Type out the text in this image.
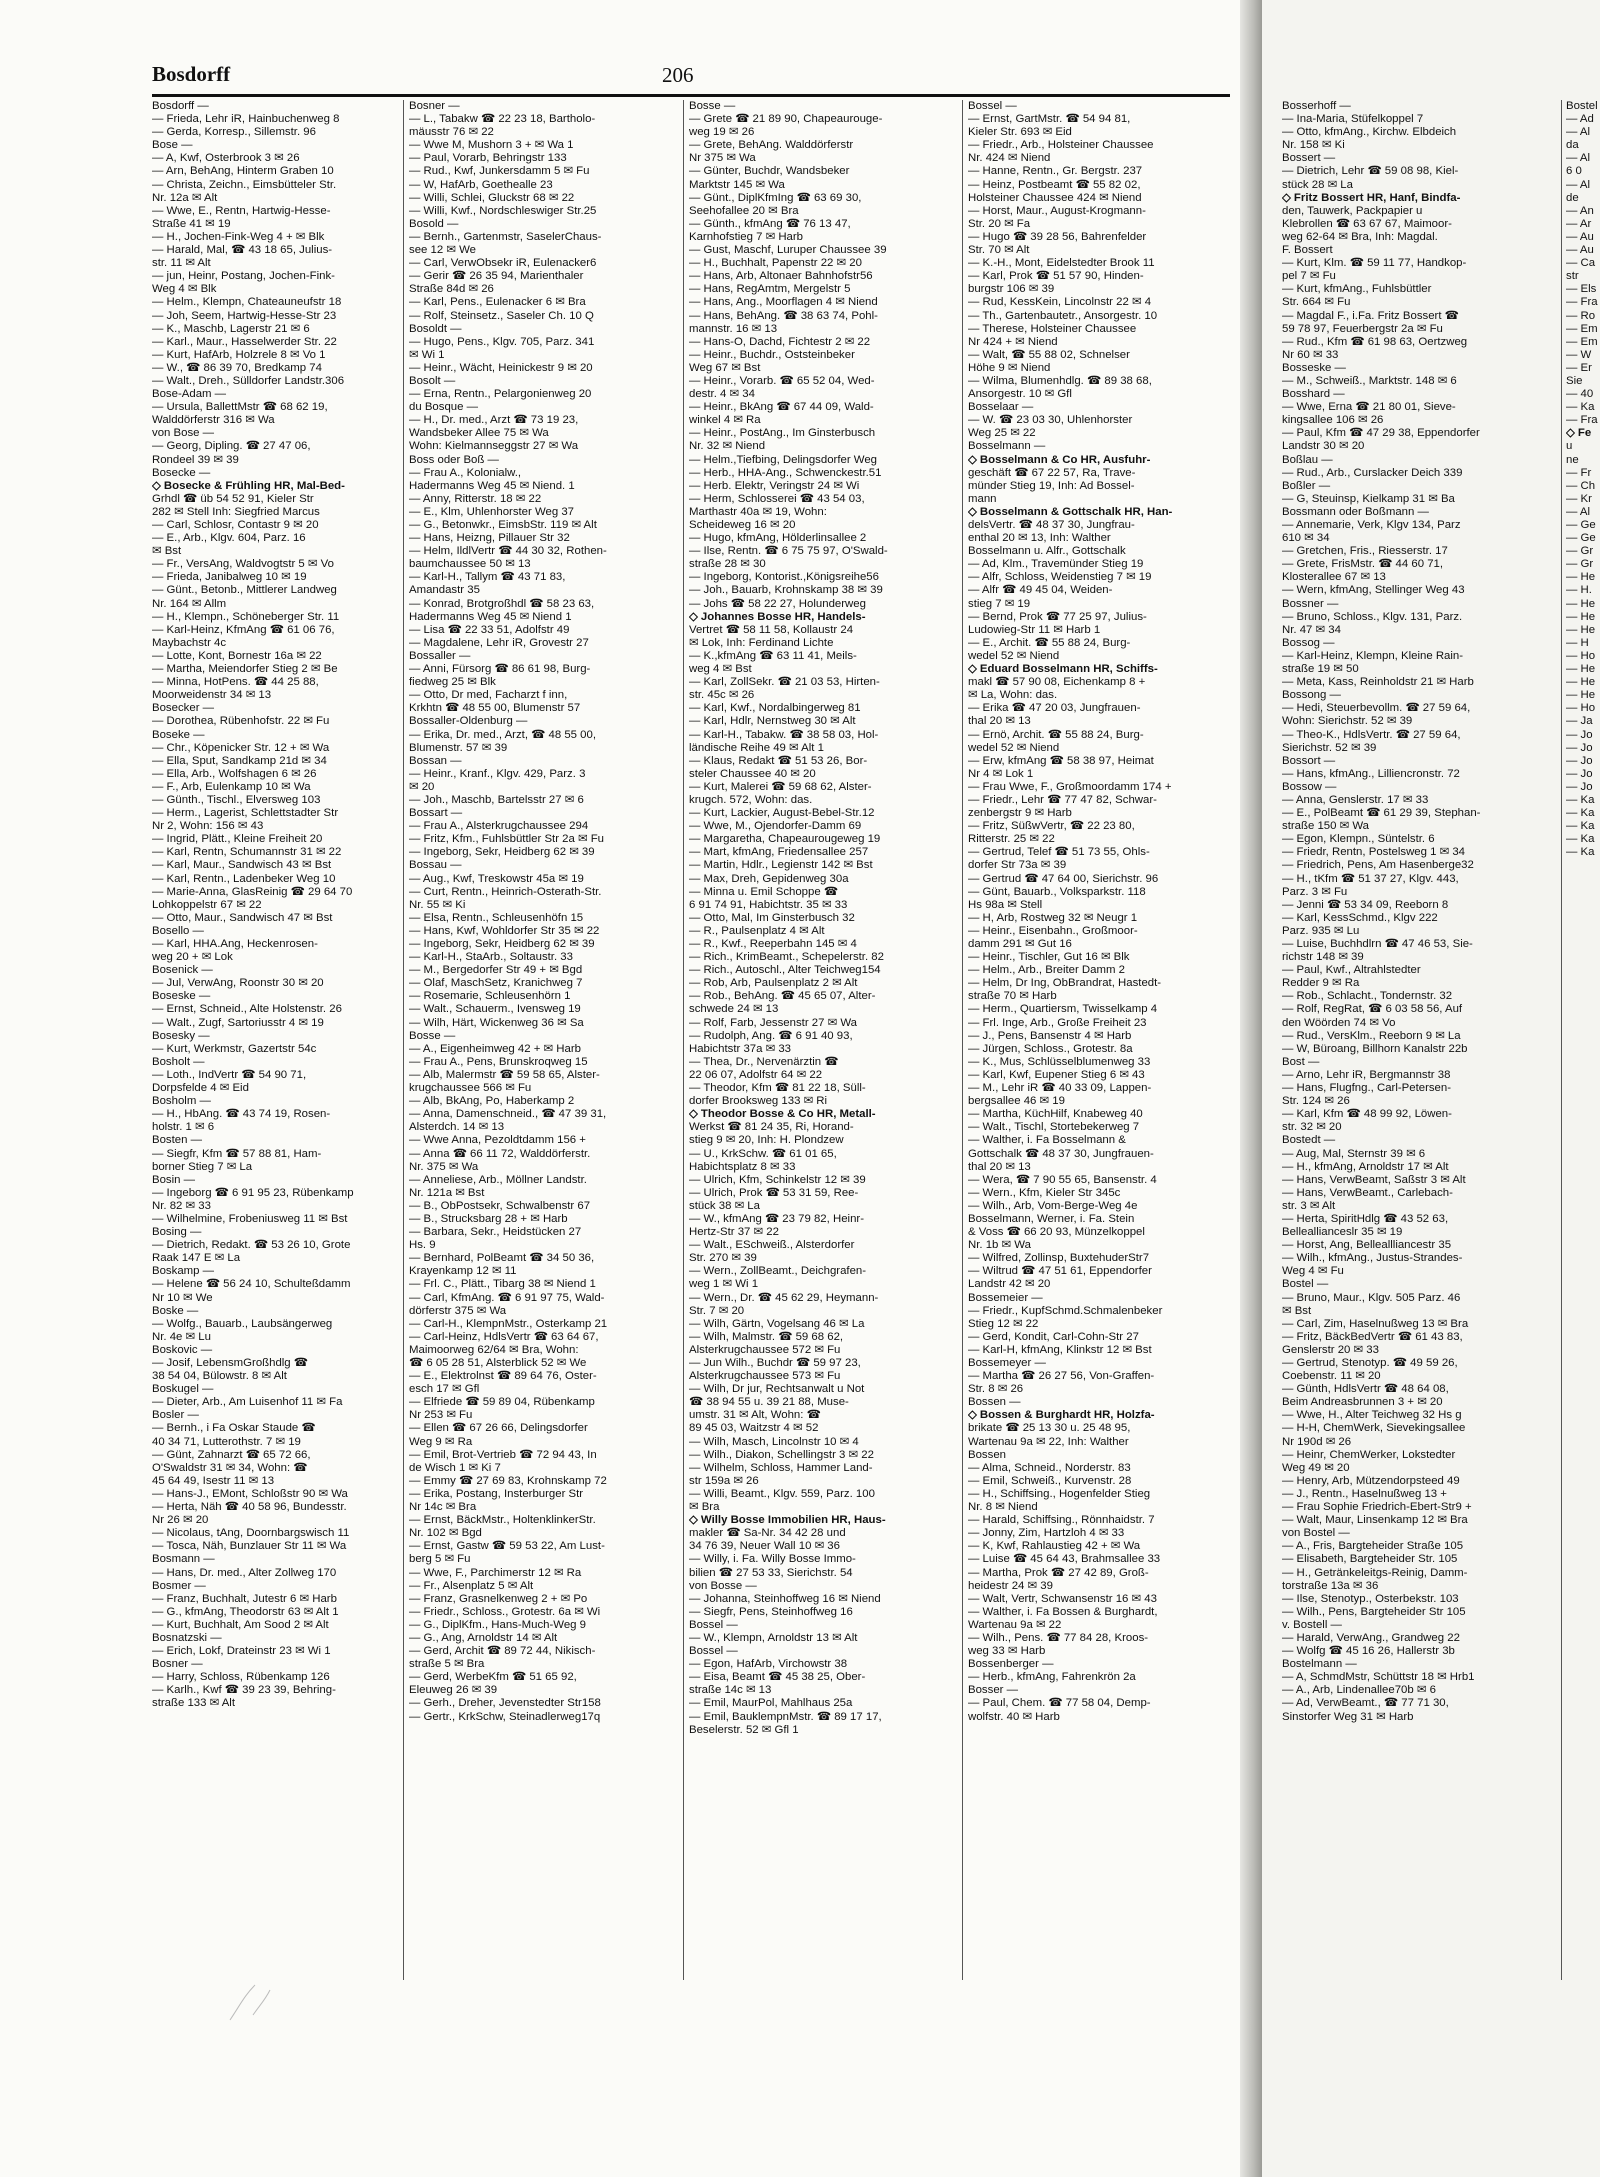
Bosdorff	206
Bosdorff —
— Frieda, Lehr iR, Hainbuchenweg 8
— Gerda, Korresp., Sillemstr. 96
Bose —
— A, Kwf, Osterbrook 3 ✉ 26
— Arn, BehAng, Hinterm Graben 10
— Christa, Zeichn., Eimsbütteler Str.
Nr. 12a ✉ Alt
— Wwe, E., Rentn, Hartwig-Hesse-
Straße 41 ✉ 19
— H., Jochen-Fink-Weg 4 + ✉ Blk
— Harald, Mal, ☎ 43 18 65, Julius-
str. 11 ✉ Alt
— jun, Heinr, Postang, Jochen-Fink-
Weg 4 ✉ Blk
— Helm., Klempn, Chateauneufstr 18
— Joh, Seem, Hartwig-Hesse-Str 23
— K., Maschb, Lagerstr 21 ✉ 6
— Karl., Maur., Hasselwerder Str. 22
— Kurt, HafArb, Holzrele 8 ✉ Vo 1
— W., ☎ 86 39 70, Bredkamp 74
— Walt., Dreh., Sülldorfer Landstr.306
Bose-Adam —
— Ursula, BallettMstr ☎ 68 62 19,
Walddörferstr 316 ✉ Wa
von Bose —
— Georg, Dipling. ☎ 27 47 06,
Rondeel 39 ✉ 39
Bosecke —
◇ Bosecke & Frühling HR, Mal-Bed-
Grhdl ☎ üb 54 52 91, Kieler Str
282 ✉ Stell Inh: Siegfried Marcus
— Carl, Schlosr, Contastr 9 ✉ 20
— E., Arb., Klgv. 604, Parz. 16
✉ Bst
— Fr., VersAng, Waldvogtstr 5 ✉ Vo
— Frieda, Janibalweg 10 ✉ 19
— Günt., Betonb., Mittlerer Landweg
Nr. 164 ✉ Allm
— H., Klempn., Schöneberger Str. 11
— Karl-Heinz, KfmAng ☎ 61 06 76,
Maybachstr 4c
— Lotte, Kont, Bornestr 16a ✉ 22
— Martha, Meiendorfer Stieg 2 ✉ Be
— Minna, HotPens. ☎ 44 25 88,
Moorweidenstr 34 ✉ 13
Bosecker —
— Dorothea, Rübenhofstr. 22 ✉ Fu
Boseke —
— Chr., Köpenicker Str. 12 + ✉ Wa
— Ella, Sput, Sandkamp 21d ✉ 34
— Ella, Arb., Wolfshagen 6 ✉ 26
— F., Arb, Eulenkamp 10 ✉ Wa
— Günth., Tischl., Elversweg 103
— Herm., Lagerist, Schlettstadter Str
Nr 2, Wohn: 156 ✉ 43
— Ingrid, Plätt., Kleine Freiheit 20
— Karl, Rentn, Schumannstr 31 ✉ 22
— Karl, Maur., Sandwisch 43 ✉ Bst
— Karl, Rentn., Ladenbeker Weg 10
— Marie-Anna, GlasReinig ☎ 29 64 70
Lohkoppelstr 67 ✉ 22
— Otto, Maur., Sandwisch 47 ✉ Bst
Bosello —
— Karl, HHA.Ang, Heckenrosen-
weg 20 + ✉ Lok
Bosenick —
— Jul, VerwAng, Roonstr 30 ✉ 20
Boseske —
— Ernst, Schneid., Alte Holstenstr. 26
— Walt., Zugf, Sartoriusstr 4 ✉ 19
Bosesky —
— Kurt, Werkmstr, Gazertstr 54c
Bosholt —
— Loth., IndVertr ☎ 54 90 71,
Dorpsfelde 4 ✉ Eid
Bosholm —
— H., HbAng. ☎ 43 74 19, Rosen-
holstr. 1 ✉ 6
Bosten —
— Siegfr, Kfm ☎ 57 88 81, Ham-
borner Stieg 7 ✉ La
Bosin —
— Ingeborg ☎ 6 91 95 23, Rübenkamp
Nr. 82 ✉ 33
— Wilhelmine, Frobeniusweg 11 ✉ Bst
Bosing —
— Dietrich, Redakt. ☎ 53 26 10, Grote
Raak 147 E ✉ La
Boskamp —
— Helene ☎ 56 24 10, Schulteßdamm
Nr 10 ✉ We
Boske —
— Wolfg., Bauarb., Laubsängerweg
Nr. 4e ✉ Lu
Boskovic —
— Josif, LebensmGroßhdlg ☎
38 54 04, Bülowstr. 8 ✉ Alt
Boskugel —
— Dieter, Arb., Am Luisenhof 11 ✉ Fa
Bosler —
— Bernh., i Fa Oskar Staude ☎
40 34 71, Lutterothstr. 7 ✉ 19
— Günt, Zahnarzt ☎ 65 72 66,
O'Swaldstr 31 ✉ 34, Wohn: ☎
45 64 49, Isestr 11 ✉ 13
— Hans-J., EMont, Schloßstr 90 ✉ Wa
— Herta, Näh ☎ 40 58 96, Bundesstr.
Nr 26 ✉ 20
— Nicolaus, tAng, Doornbargswisch 11
— Tosca, Näh, Bunzlauer Str 11 ✉ Wa
Bosmann —
— Hans, Dr. med., Alter Zollweg 170
Bosmer —
— Franz, Buchhalt, Jutestr 6 ✉ Harb
— G., kfmAng, Theodorstr 63 ✉ Alt 1
— Kurt, Buchhalt, Am Sood 2 ✉ Alt
Bosnatzski —
— Erich, Lokf, Drateinstr 23 ✉ Wi 1
Bosner —
— Harry, Schloss, Rübenkamp 126
— Karlh., Kwf ☎ 39 23 39, Behring-
straße 133 ✉ Alt
Bosner —
— L., Tabakw ☎ 22 23 18, Bartholo-
mäusstr 76 ✉ 22
— Wwe M, Mushorn 3 + ✉ Wa 1
— Paul, Vorarb, Behringstr 133
— Rud., Kwf, Junkersdamm 5 ✉ Fu
— W, HafArb, Goethealle 23
— Willi, Schlei, Gluckstr 68 ✉ 22
— Willi, Kwf., Nordschleswiger Str.25
Bosold —
— Bernh., Gartenmstr, SaselerChaus-
see 12 ✉ We
— Carl, VerwObsekr iR, Eulenacker6
— Gerir ☎ 26 35 94, Marienthaler
Straße 84d ✉ 26
— Karl, Pens., Eulenacker 6 ✉ Bra
— Rolf, Steinsetz., Saseler Ch. 10 Q
Bosoldt —
— Hugo, Pens., Klgv. 705, Parz. 341
✉ Wi 1
— Heinr., Wächt, Heinickestr 9 ✉ 20
Bosolt —
— Erna, Rentn., Pelargonienweg 20
du Bosque —
— H., Dr. med., Arzt ☎ 73 19 23,
Wandsbeker Allee 75 ✉ Wa
Wohn: Kielmannseggstr 27 ✉ Wa
Boss oder Boß —
— Frau A., Kolonialw.,
Hadermanns Weg 45 ✉ Niend. 1
— Anny, Ritterstr. 18 ✉ 22
— E., Klm, Uhlenhorster Weg 37
— G., Betonwkr., EimsbStr. 119 ✉ Alt
— Hans, Heizng, Pillauer Str 32
— Helm, IldlVertr ☎ 44 30 32, Rothen-
baumchaussee 50 ✉ 13
— Karl-H., Tallym ☎ 43 71 83,
Amandastr 35
— Konrad, Brotgroßhdl ☎ 58 23 63,
Hadermanns Weg 45 ✉ Niend 1
— Lisa ☎ 22 33 51, Adolfstr 49
— Magdalene, Lehr iR, Grovestr 27
Bossaller —
— Anni, Fürsorg ☎ 86 61 98, Burg-
fiedweg 25 ✉ Blk
— Otto, Dr med, Facharzt f inn,
Krkhtn ☎ 48 55 00, Blumenstr 57
Bossaller-Oldenburg —
— Erika, Dr. med., Arzt, ☎ 48 55 00,
Blumenstr. 57 ✉ 39
Bossan —
— Heinr., Kranf., Klgv. 429, Parz. 3
✉ 20
— Joh., Maschb, Bartelsstr 27 ✉ 6
Bossart —
— Frau A., Alsterkrugchaussee 294
— Fritz, Kfm., Fuhlsbüttler Str 2a ✉ Fu
— Ingeborg, Sekr, Heidberg 62 ✉ 39
Bossau —
— Aug., Kwf, Treskowstr 45a ✉ 19
— Curt, Rentn., Heinrich-Osterath-Str.
Nr. 55 ✉ Ki
— Elsa, Rentn., Schleusenhöfn 15
— Hans, Kwf, Wohldorfer Str 35 ✉ 22
— Ingeborg, Sekr, Heidberg 62 ✉ 39
— Karl-H., StaArb., Soltaustr. 33
— M., Bergedorfer Str 49 + ✉ Bgd
— Olaf, MaschSetz, Kranichweg 7
— Rosemarie, Schleusenhörn 1
— Walt., Schauerm., Ivensweg 19
— Wilh, Härt, Wickenweg 36 ✉ Sa
Bosse —
— A., Eigenheimweg 42 + ✉ Harb
— Frau A., Pens, Brunskroqweg 15
— Alb, Malermstr ☎ 59 58 65, Alster-
krugchaussee 566 ✉ Fu
— Alb, BkAng, Po, Haberkamp 2
— Anna, Damenschneid., ☎ 47 39 31,
Alsterdch. 14 ✉ 13
— Wwe Anna, Pezoldtdamm 156 +
— Anna ☎ 66 11 72, Walddörferstr.
Nr. 375 ✉ Wa
— Anneliese, Arb., Möllner Landstr.
Nr. 121a ✉ Bst
— B., ObPostsekr, Schwalbenstr 67
— B., Strucksbarg 28 + ✉ Harb
— Barbara, Sekr., Heidstücken 27
Hs. 9
— Bernhard, PolBeamt ☎ 34 50 36,
Krayenkamp 12 ✉ 11
— Frl. C., Plätt., Tibarg 38 ✉ Niend 1
— Carl, KfmAng. ☎ 6 91 97 75, Wald-
dörferstr 375 ✉ Wa
— Carl-H., KlempnMstr., Osterkamp 21
— Carl-Heinz, HdlsVertr ☎ 63 64 67,
Maimoorweg 62/64 ✉ Bra, Wohn:
☎ 6 05 28 51, Alsterblick 52 ✉ We
— E., Elektrolnst ☎ 89 64 76, Oster-
esch 17 ✉ Gfl
— Elfriede ☎ 59 89 04, Rübenkamp
Nr 253 ✉ Fu
— Ellen ☎ 67 26 66, Delingsdorfer
Weg 9 ✉ Ra
— Emil, Brot-Vertrieb ☎ 72 94 43, In
de Wisch 1 ✉ Ki 7
— Emmy ☎ 27 69 83, Krohnskamp 72
— Erika, Postang, Insterburger Str
Nr 14c ✉ Bra
— Ernst, BäckMstr., HoltenklinkerStr.
Nr. 102 ✉ Bgd
— Ernst, Gastw ☎ 59 53 22, Am Lust-
berg 5 ✉ Fu
— Wwe, F., Parchimerstr 12 ✉ Ra
— Fr., Alsenplatz 5 ✉ Alt
— Franz, Grasnelkenweg 2 + ✉ Po
— Friedr., Schloss., Grotestr. 6a ✉ Wi
— G., DiplKfm., Hans-Much-Weg 9
— G., Ang, Arnoldstr 14 ✉ Alt
— Gerd, Archit ☎ 89 72 44, Nikisch-
straße 5 ✉ Bra
— Gerd, WerbeKfm ☎ 51 65 92,
Eleuweg 26 ✉ 39
— Gerh., Dreher, Jevenstedter Str158
— Gertr., KrkSchw, Steinadlerweg17q
Bosse —
— Grete ☎ 21 89 90, Chapeaurouge-
weg 19 ✉ 26
— Grete, BehAng. Walddörferstr
Nr 375 ✉ Wa
— Günter, Buchdr, Wandsbeker
Marktstr 145 ✉ Wa
— Günt., DiplKfmIng ☎ 63 69 30,
Seehofallee 20 ✉ Bra
— Günth., kfmAng ☎ 76 13 47,
Karnhofstieg 7 ✉ Harb
— Gust, Maschf, Luruper Chaussee 39
— H., Buchhalt, Papenstr 22 ✉ 20
— Hans, Arb, Altonaer Bahnhofstr56
— Hans, RegAmtm, Mergelstr 5
— Hans, Ang., Moorflagen 4 ✉ Niend
— Hans, BehAng. ☎ 38 63 74, Pohl-
mannstr. 16 ✉ 13
— Hans-O, Dachd, Fichtestr 2 ✉ 22
— Heinr., Buchdr., Oststeinbeker
Weg 67 ✉ Bst
— Heinr., Vorarb. ☎ 65 52 04, Wed-
destr. 4 ✉ 34
— Heinr., BkAng ☎ 67 44 09, Wald-
winkel 4 ✉ Ra
— Heinr., PostAng., Im Ginsterbusch
Nr. 32 ✉ Niend
— Helm.,Tiefbing, Delingsdorfer Weg
— Herb., HHA-Ang., Schwenckestr.51
— Herb. Elektr, Veringstr 24 ✉ Wi
— Herm, Schlosserei ☎ 43 54 03,
Marthastr 40a ✉ 19, Wohn:
Scheideweg 16 ✉ 20
— Hugo, kfmAng, Hölderlinsallee 2
— Ilse, Rentn. ☎ 6 75 75 97, O'Swald-
straße 28 ✉ 30
— Ingeborg, Kontorist.,Königsreihe56
— Joh., Bauarb, Krohnskamp 38 ✉ 39
— Johs ☎ 58 22 27, Holunderweg
◇ Johannes Bosse HR, Handels-
Vertret ☎ 58 11 58, Kollaustr 24
✉ Lok, Inh: Ferdinand Lichte
— K.,kfmAng ☎ 63 11 41, Meils-
weg 4 ✉ Bst
— Karl, ZollSekr. ☎ 21 03 53, Hirten-
str. 45c ✉ 26
— Karl, Kwf., Nordalbingerweg 81
— Karl, Hdlr, Nernstweg 30 ✉ Alt
— Karl-H., Tabakw. ☎ 38 58 03, Hol-
ländische Reihe 49 ✉ Alt 1
— Klaus, Redakt ☎ 51 53 26, Bor-
steler Chaussee 40 ✉ 20
— Kurt, Malerei ☎ 59 68 62, Alster-
krugch. 572, Wohn: das.
— Kurt, Lackier, August-Bebel-Str.12
— Wwe, M., Ojendorfer-Damm 69
— Margaretha, Chapeaurougeweg 19
— Mart, kfmAng, Friedensallee 257
— Martin, Hdlr., Legienstr 142 ✉ Bst
— Max, Dreh, Gepidenweg 30a
— Minna u. Emil Schoppe ☎
6 91 74 91, Habichtstr. 35 ✉ 33
— Otto, Mal, Im Ginsterbusch 32
— R., Paulsenplatz 4 ✉ Alt
— R., Kwf., Reeperbahn 145 ✉ 4
— Rich., KrimBeamt., Schepelerstr. 82
— Rich., Autoschl., Alter Teichweg154
— Rob, Arb, Paulsenplatz 2 ✉ Alt
— Rob., BehAng. ☎ 45 65 07, Alter-
schwede 24 ✉ 13
— Rolf, Farb, Jessenstr 27 ✉ Wa
— Rudolph, Ang. ☎ 6 91 40 93,
Habichtstr 37a ✉ 33
— Thea, Dr., Nervenärztin ☎
22 06 07, Adolfstr 64 ✉ 22
— Theodor, Kfm ☎ 81 22 18, Süll-
dorfer Brooksweg 133 ✉ Ri
◇ Theodor Bosse & Co HR, Metall-
Werkst ☎ 81 24 35, Ri, Horand-
stieg 9 ✉ 20, Inh: H. Plondzew
— U., KrkSchw. ☎ 61 01 65,
Habichtsplatz 8 ✉ 33
— Ulrich, Kfm, Schinkelstr 12 ✉ 39
— Ulrich, Prok ☎ 53 31 59, Ree-
stück 38 ✉ La
— W., kfmAng ☎ 23 79 82, Heinr-
Hertz-Str 37 ✉ 22
— Walt., ESchweiß., Alsterdorfer
Str. 270 ✉ 39
— Wern., ZollBeamt., Deichgrafen-
weg 1 ✉ Wi 1
— Wern., Dr. ☎ 45 62 29, Heymann-
Str. 7 ✉ 20
— Wilh, Gärtn, Vogelsang 46 ✉ La
— Wilh, Malmstr. ☎ 59 68 62,
Alsterkrugchaussee 572 ✉ Fu
— Jun Wilh., Buchdr ☎ 59 97 23,
Alsterkrugchaussee 573 ✉ Fu
— Wilh, Dr jur, Rechtsanwalt u Not
☎ 38 94 55 u. 39 21 88, Muse-
umstr. 31 ✉ Alt, Wohn: ☎
89 45 03, Waitzstr 4 ✉ 52
— Wilh, Masch, Lincolnstr 10 ✉ 4
— Wilh., Diakon, Schellingstr 3 ✉ 22
— Wilhelm, Schloss, Hammer Land-
str 159a ✉ 26
— Willi, Beamt., Klgv. 559, Parz. 100
✉ Bra
◇ Willy Bosse Immobilien HR, Haus-
makler ☎ Sa-Nr. 34 42 28 und
34 76 39, Neuer Wall 10 ✉ 36
— Willy, i. Fa. Willy Bosse Immo-
bilien ☎ 27 53 33, Sierichstr. 54
von Bosse —
— Johanna, Steinhoffweg 16 ✉ Niend
— Siegfr, Pens, Steinhoffweg 16
Bossel —
— W., Klempn, Arnoldstr 13 ✉ Alt
Bossel —
— Egon, HafArb, Virchowstr 38
— Eisa, Beamt ☎ 45 38 25, Ober-
straße 14c ✉ 13
— Emil, MaurPol, Mahlhaus 25a
— Emil, BauklempnMstr. ☎ 89 17 17,
Beselerstr. 52 ✉ Gfl 1
Bossel —
— Ernst, GartMstr. ☎ 54 94 81,
Kieler Str. 693 ✉ Eid
— Friedr., Arb., Holsteiner Chaussee
Nr. 424 ✉ Niend
— Hanne, Rentn., Gr. Bergstr. 237
— Heinz, Postbeamt ☎ 55 82 02,
Holsteiner Chaussee 424 ✉ Niend
— Horst, Maur., August-Krogmann-
Str. 20 ✉ Fa
— Hugo ☎ 39 28 56, Bahrenfelder
Str. 70 ✉ Alt
— K.-H., Mont, Eidelstedter Brook 11
— Karl, Prok ☎ 51 57 90, Hinden-
burgstr 106 ✉ 39
— Rud, KessKein, Lincolnstr 22 ✉ 4
— Th., Gartenbautetr., Ansorgestr. 10
— Therese, Holsteiner Chaussee
Nr 424 + ✉ Niend
— Walt, ☎ 55 88 02, Schnelser
Höhe 9 ✉ Niend
— Wilma, Blumenhdlg. ☎ 89 38 68,
Ansorgestr. 10 ✉ Gfl
Bosselaar —
— W. ☎ 23 03 30, Uhlenhorster
Weg 25 ✉ 22
Bosselmann —
◇ Bosselmann & Co HR, Ausfuhr-
geschäft ☎ 67 22 57, Ra, Trave-
münder Stieg 19, Inh: Ad Bossel-
mann
◇ Bosselmann & Gottschalk HR, Han-
delsVertr. ☎ 48 37 30, Jungfrau-
enthal 20 ✉ 13, Inh: Walther
Bosselmann u. Alfr., Gottschalk
— Ad, Klm., Travemünder Stieg 19
— Alfr, Schloss, Weidenstieg 7 ✉ 19
— Alfr ☎ 49 45 04, Weiden-
stieg 7 ✉ 19
— Bernd, Prok ☎ 77 25 97, Julius-
Ludowieg-Str 11 ✉ Harb 1
— E., Archit. ☎ 55 88 24, Burg-
wedel 52 ✉ Niend
◇ Eduard Bosselmann HR, Schiffs-
makl ☎ 57 90 08, Eichenkamp 8 +
✉ La, Wohn: das.
— Erika ☎ 47 20 03, Jungfrauen-
thal 20 ✉ 13
— Ernö, Archit. ☎ 55 88 24, Burg-
wedel 52 ✉ Niend
— Erw, kfmAng ☎ 58 38 97, Heimat
Nr 4 ✉ Lok 1
— Frau Wwe, F., Großmoordamm 174 +
— Friedr., Lehr ☎ 77 47 82, Schwar-
zenbergstr 9 ✉ Harb
— Fritz, SüßwVertr, ☎ 22 23 80,
Ritterstr. 25 ✉ 22
— Gertrud, Telef ☎ 51 73 55, Ohls-
dorfer Str 73a ✉ 39
— Gertrud ☎ 47 64 00, Sierichstr. 96
— Günt, Bauarb., Volksparkstr. 118
Hs 98a ✉ Stell
— H, Arb, Rostweg 32 ✉ Neugr 1
— Heinr., Eisenbahn., Großmoor-
damm 291 ✉ Gut 16
— Heinr., Tischler, Gut 16 ✉ Blk
— Helm., Arb., Breiter Damm 2
— Helm, Dr Ing, ObBrandrat, Hastedt-
straße 70 ✉ Harb
— Herm., Quartiersm, Twisselkamp 4
— Frl. Inge, Arb., Große Freiheit 23
— J., Pens, Bansenstr 4 ✉ Harb
— Jürgen, Schloss., Grotestr. 8a
— K., Mus, Schlüsselblumenweg 33
— Karl, Kwf, Eupener Stieg 6 ✉ 43
— M., Lehr iR ☎ 40 33 09, Lappen-
bergsallee 46 ✉ 19
— Martha, KüchHilf, Knabeweg 40
— Walt., Tischl, Stortebekerweg 7
— Walther, i. Fa Bosselmann &
Gottschalk ☎ 48 37 30, Jungfrauen-
thal 20 ✉ 13
— Wera, ☎ 7 90 55 65, Bansenstr. 4
— Wern., Kfm, Kieler Str 345c
— Wilh., Arb, Vom-Berge-Weg 4e
Bosselmann, Werner, i. Fa. Stein
& Voss ☎ 66 20 93, Münzelkoppel
Nr. 1b ✉ Wa
— Wilfred, Zollinsp, BuxtehuderStr7
— Wiltrud ☎ 47 51 61, Eppendorfer
Landstr 42 ✉ 20
Bossemeier —
— Friedr., KupfSchmd.Schmalenbeker
Stieg 12 ✉ 22
— Gerd, Kondit, Carl-Cohn-Str 27
— Karl-H, kfmAng, Klinkstr 12 ✉ Bst
Bossemeyer —
— Martha ☎ 26 27 56, Von-Graffen-
Str. 8 ✉ 26
Bossen —
◇ Bossen & Burghardt HR, Holzfa-
brikate ☎ 25 13 30 u. 25 48 95,
Wartenau 9a ✉ 22, Inh: Walther
Bossen
— Alma, Schneid., Norderstr. 83
— Emil, Schweiß., Kurvenstr. 28
— H., Schiffsing., Hogenfelder Stieg
Nr. 8 ✉ Niend
— Harald, Schiffsing., Rönnhaidstr. 7
— Jonny, Zim, Hartzloh 4 ✉ 33
— K, Kwf, Rahlaustieg 42 + ✉ Wa
— Luise ☎ 45 64 43, Brahmsallee 33
— Martha, Prok ☎ 27 42 89, Groß-
heidestr 24 ✉ 39
— Walt, Vertr, Schwansenstr 16 ✉ 43
— Walther, i. Fa Bossen & Burghardt,
Wartenau 9a ✉ 22
— Wilh., Pens. ☎ 77 84 28, Kroos-
weg 33 ✉ Harb
Bossenberger —
— Herb., kfmAng, Fahrenkrön 2a
Bosser —
— Paul, Chem. ☎ 77 58 04, Demp-
wolfstr. 40 ✉ Harb
Bosserhoff —
— Ina-Maria, Stüfelkoppel 7
— Otto, kfmAng., Kirchw. Elbdeich
Nr. 158 ✉ Ki
Bossert —
— Dietrich, Lehr ☎ 59 08 98, Kiel-
stück 28 ✉ La
◇ Fritz Bossert HR, Hanf, Bindfa-
den, Tauwerk, Packpapier u
Klebrollen ☎ 63 67 67, Maimoor-
weg 62-64 ✉ Bra, Inh: Magdal.
F. Bossert
— Kurt, Klm. ☎ 59 11 77, Handkop-
pel 7 ✉ Fu
— Kurt, kfmAng., Fuhlsbüttler
Str. 664 ✉ Fu
— Magdal F., i.Fa. Fritz Bossert ☎
59 78 97, Feuerbergstr 2a ✉ Fu
— Rud., Kfm ☎ 61 98 63, Oertzweg
Nr 60 ✉ 33
Bosseske —
— M., Schweiß., Marktstr. 148 ✉ 6
Bosshard —
— Wwe, Erna ☎ 21 80 01, Sieve-
kingsallee 106 ✉ 26
— Paul, Kfm ☎ 47 29 38, Eppendorfer
Landstr 30 ✉ 20
Boßlau —
— Rud., Arb., Curslacker Deich 339
Boßler —
— G, Steuinsp, Kielkamp 31 ✉ Ba
Bossmann oder Boßmann —
— Annemarie, Verk, Klgv 134, Parz
610 ✉ 34
— Gretchen, Fris., Riesserstr. 17
— Grete, FrisMstr. ☎ 44 60 71,
Klosterallee 67 ✉ 13
— Wern, kfmAng, Stellinger Weg 43
Bossner —
— Bruno, Schloss., Klgv. 131, Parz.
Nr. 47 ✉ 34
Bossog —
— Karl-Heinz, Klempn, Kleine Rain-
straße 19 ✉ 50
— Meta, Kass, Reinholdstr 21 ✉ Harb
Bossong —
— Hedi, Steuerbevollm. ☎ 27 59 64,
Wohn: Sierichstr. 52 ✉ 39
— Theo-K., HdlsVertr. ☎ 27 59 64,
Sierichstr. 52 ✉ 39
Bossort —
— Hans, kfmAng., Lilliencronstr. 72
Bossow —
— Anna, Genslerstr. 17 ✉ 33
— E., PolBeamt ☎ 61 29 39, Stephan-
straße 150 ✉ Wa
— Egon, Klempn., Süntelstr. 6
— Friedr, Rentn, Postelsweg 1 ✉ 34
— Friedrich, Pens, Am Hasenberge32
— H., tKfm ☎ 51 37 27, Klgv. 443,
Parz. 3 ✉ Fu
— Jenni ☎ 53 34 09, Reeborn 8
— Karl, KessSchmd., Klgv 222
Parz. 935 ✉ Lu
— Luise, Buchhdlrn ☎ 47 46 53, Sie-
richstr 148 ✉ 39
— Paul, Kwf., Altrahlstedter
Redder 9 ✉ Ra
— Rob., Schlacht., Tondernstr. 32
— Rolf, RegRat, ☎ 6 03 58 56, Auf
den Wöörden 74 ✉ Vo
— Rud., VersKlm., Reeborn 9 ✉ La
— W, Büroang, Billhorn Kanalstr 22b
Bost —
— Arno, Lehr iR, Bergmannstr 38
— Hans, Flugfng., Carl-Petersen-
Str. 124 ✉ 26
— Karl, Kfm ☎ 48 99 92, Löwen-
str. 32 ✉ 20
Bostedt —
— Aug, Mal, Sternstr 39 ✉ 6
— H., kfmAng, Arnoldstr 17 ✉ Alt
— Hans, VerwBeamt, Saßstr 3 ✉ Alt
— Hans, VerwBeamt., Carlebach-
str. 3 ✉ Alt
— Herta, SpiritHdlg ☎ 43 52 63,
Belleallianceslr 35 ✉ 19
— Horst, Ang, Belleallliancestr 35
— Wilh., kfmAng., Justus-Strandes-
Weg 4 ✉ Fu
Bostel —
— Bruno, Maur., Klgv. 505 Parz. 46
✉ Bst
— Carl, Zim, Haselnußweg 13 ✉ Bra
— Fritz, BäckBedVertr ☎ 61 43 83,
Genslerstr 20 ✉ 33
— Gertrud, Stenotyp. ☎ 49 59 26,
Coebenstr. 11 ✉ 20
— Günth, HdlsVertr ☎ 48 64 08,
Beim Andreasbrunnen 3 + ✉ 20
— Wwe, H., Alter Teichweg 32 Hs g
— H-H, ChemWerk, Sievekingsallee
Nr 190d ✉ 26
— Heinr, ChemWerker, Lokstedter
Weg 49 ✉ 20
— Henry, Arb, Mützendorpsteed 49
— J., Rentn., Haselnußweg 13 +
— Frau Sophie Friedrich-Ebert-Str9 +
— Walt, Maur, Linsenkamp 12 ✉ Bra
von Bostel —
— A., Fris, Bargteheider Straße 105
— Elisabeth, Bargteheider Str. 105
— H., Getränkeleitgs-Reinig, Damm-
torstraße 13a ✉ 36
— Ilse, Stenotyp., Osterbekstr. 103
— Wilh., Pens, Bargteheider Str 105
v. Bostell —
— Harald, VerwAng., Grandweg 22
— Wolfg ☎ 45 16 26, Hallerstr 3b
Bostelmann —
— A, SchmdMstr, Schüttstr 18 ✉ Hrb1
— A., Arb, Lindenallee70b ✉ 6
— Ad, VerwBeamt., ☎ 77 71 30,
Sinstorfer Weg 31 ✉ Harb
Bostel
— Ad
— Al
da
— Al
6 0
— Al
de
— An
— Ar
— Au
— Au
— Ca
str
— Els
— Fra
— Ro
— Em
— Em
— W
— Er
Sie
— 40
— Ka
— Fra
◇ Fe
u
ne
— Fr
— Ch
— Kr
— Al
— Ge
— Ge
— Gr
— Gr
— He
— H.
— He
— He
— He
— H
— Ho
— He
— He
— He
— Ho
— Ja
— Jo
— Jo
— Jo
— Jo
— Jo
— Ka
— Ka
— Ka
— Ka
— Ka
